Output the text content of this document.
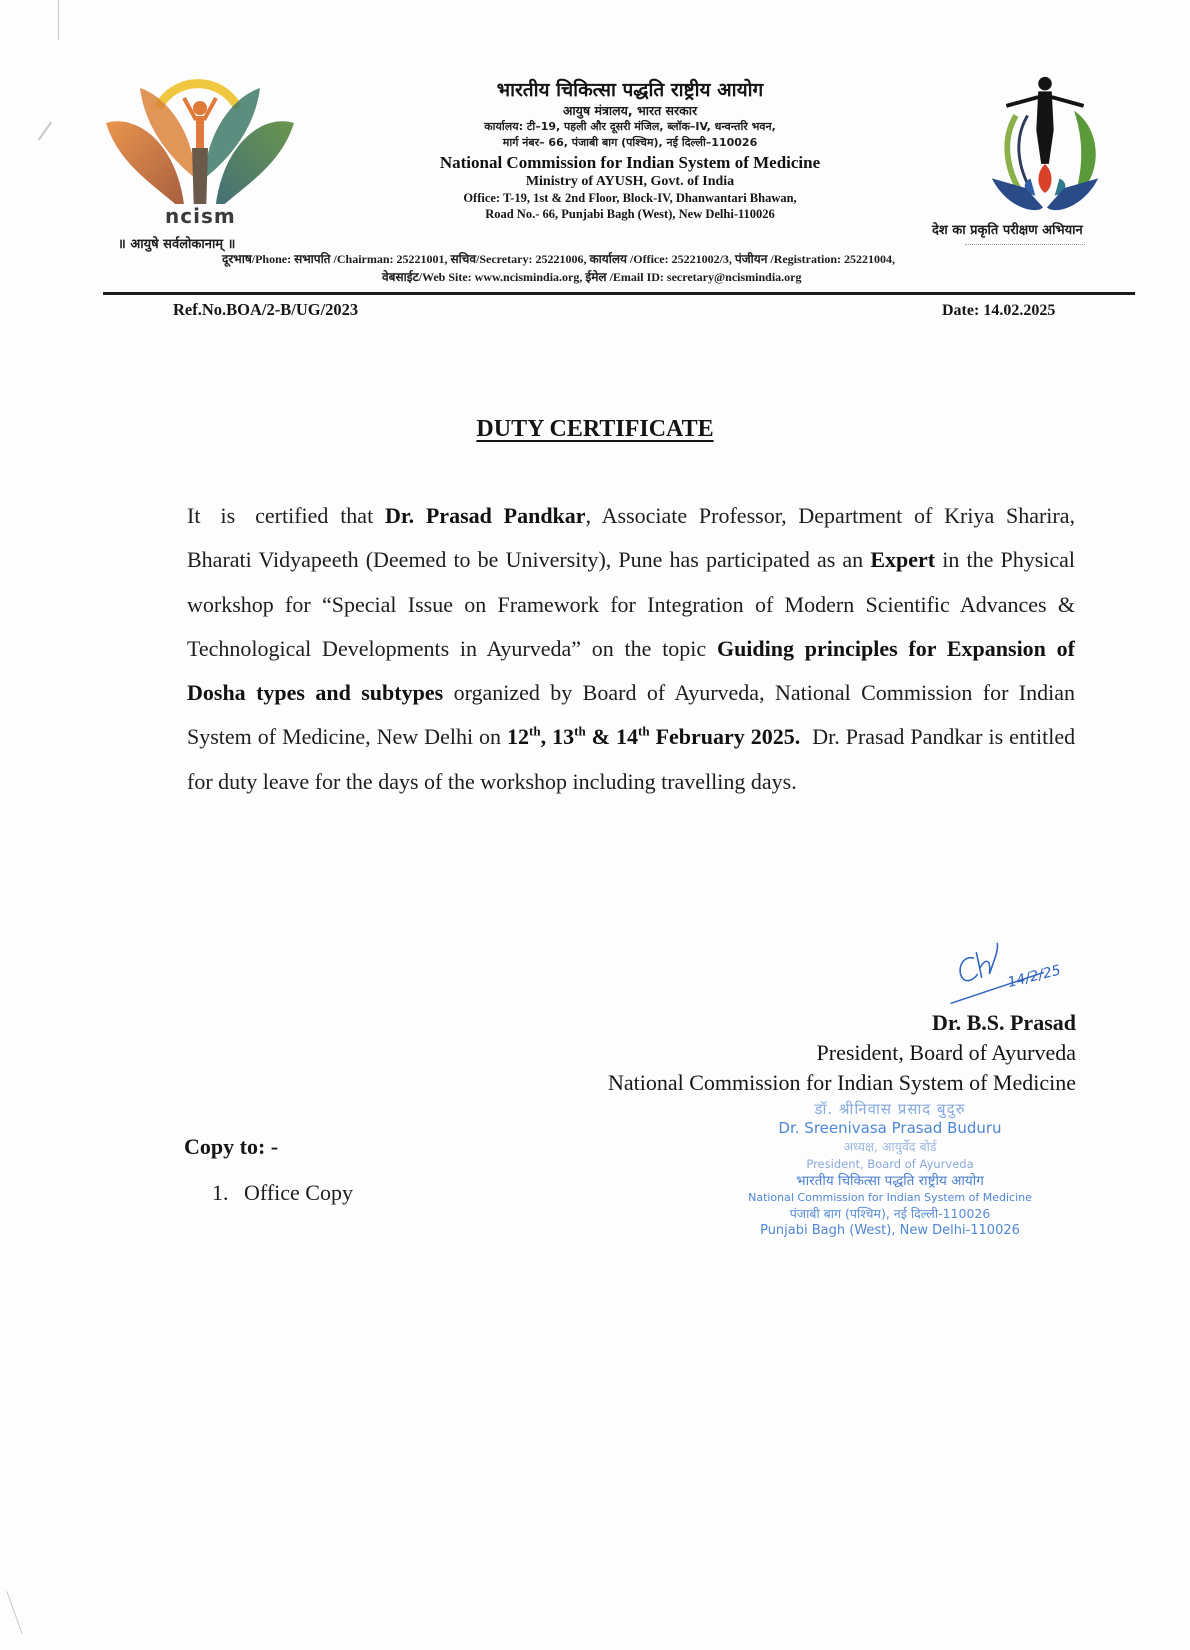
ncism
॥ आयुषे सर्वलोकानाम् ॥
भारतीय चिकित्सा पद्धति राष्ट्रीय आयोग
आयुष मंत्रालय, भारत सरकार
कार्यालय: टी–19, पहली और दूसरी मंजिल, ब्लॉक–IV, धन्वन्तरि भवन,
मार्ग नंबर– 66, पंजाबी बाग (पश्चिम), नई दिल्ली–110026
National Commission for Indian System of Medicine
Ministry of AYUSH, Govt. of India
Office: T-19, 1st & 2nd Floor, Block-IV, Dhanwantari Bhawan,
Road No.- 66, Punjabi Bagh (West), New Delhi-110026
देश का प्रकृति परीक्षण अभियान
दूरभाष/Phone: सभापति /Chairman: 25221001, सचिव/Secretary: 25221006, कार्यालय /Office: 25221002/3, पंजीयन /Registration: 25221004,
वेबसाईट/Web Site: www.ncismindia.org, ईमेल /Email ID: secretary@ncismindia.org
Ref.No.BOA/2-B/UG/2023	Date: 14.02.2025
DUTY CERTIFICATE
It is certified that Dr. Prasad Pandkar, Associate Professor, Department of Kriya Sharira, Bharati Vidyapeeth (Deemed to be University), Pune has participated as an Expert in the Physical workshop for “Special Issue on Framework for Integration of Modern Scientific Advances & Technological Developments in Ayurveda” on the topic Guiding principles for Expansion of Dosha types and subtypes organized by Board of Ayurveda, National Commission for Indian System of Medicine, New Delhi on 12th, 13th & 14th February 2025. Dr. Prasad Pandkar is entitled for duty leave for the days of the workshop including travelling days.
14/2/25
Dr. B.S. Prasad
President, Board of Ayurveda
National Commission for Indian System of Medicine
डॉ. श्रीनिवास प्रसाद बुदुरु
Dr. Sreenivasa Prasad Buduru
अध्यक्ष, आयुर्वेद बोर्ड
President, Board of Ayurveda
भारतीय चिकित्सा पद्धति राष्ट्रीय आयोग
National Commission for Indian System of Medicine
पंजाबी बाग (पश्चिम), नई दिल्ली-110026
Punjabi Bagh (West), New Delhi-110026
Copy to: -
1. Office Copy
